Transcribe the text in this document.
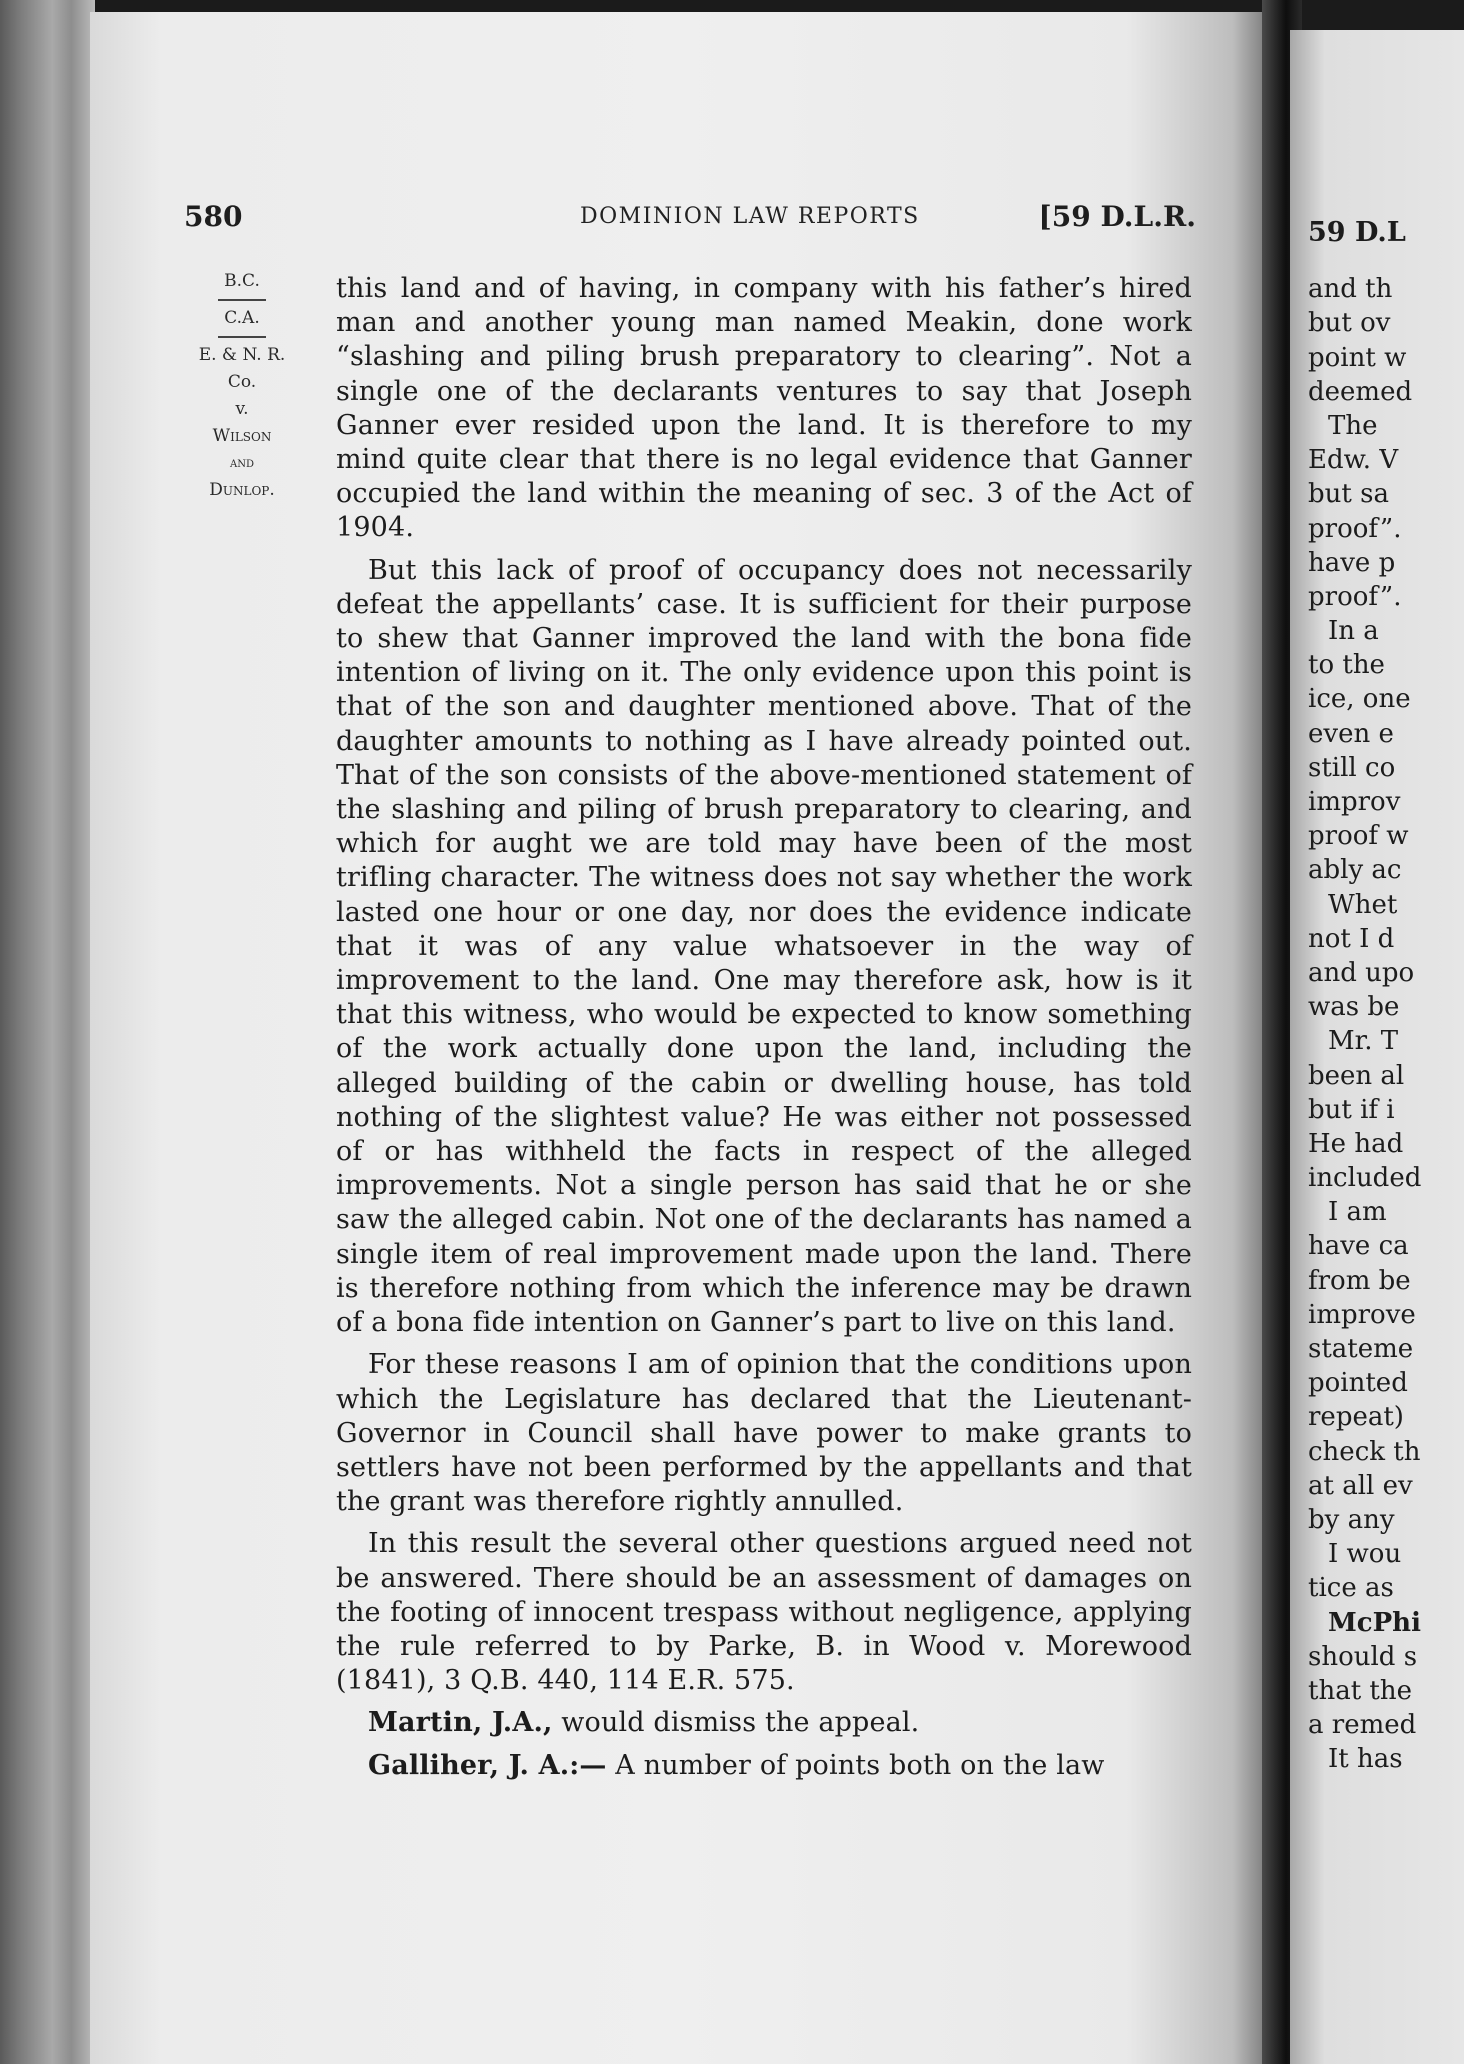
580	DOMINION LAW REPORTS	[59 D.L.R.
B.C.
C.A.
E. & N. R.
Co.
v.
Wilson
and
Dunlop.

this land and of having, in company with his father’s hired man and another young man named Meakin, done work “slashing and piling brush preparatory to clearing”. Not a single one of the declarants ventures to say that Joseph Ganner ever resided upon the land. It is therefore to my mind quite clear that there is no legal evidence that Ganner occupied the land within the meaning of sec. 3 of the Act of 1904.

But this lack of proof of occupancy does not necessarily defeat the appellants’ case. It is sufficient for their purpose to shew that Ganner improved the land with the bona fide intention of living on it. The only evidence upon this point is that of the son and daughter mentioned above. That of the daughter amounts to nothing as I have already pointed out. That of the son consists of the above-mentioned statement of the slashing and piling of brush preparatory to clearing, and which for aught we are told may have been of the most trifling character. The witness does not say whether the work lasted one hour or one day, nor does the evidence indicate that it was of any value whatsoever in the way of improvement to the land. One may therefore ask, how is it that this witness, who would be expected to know something of the work actually done upon the land, including the alleged building of the cabin or dwelling house, has told nothing of the slightest value? He was either not possessed of or has withheld the facts in respect of the alleged improvements. Not a single person has said that he or she saw the alleged cabin. Not one of the declarants has named a single item of real improvement made upon the land. There is therefore nothing from which the inference may be drawn of a bona fide intention on Ganner’s part to live on this land.

For these reasons I am of opinion that the conditions upon which the Legislature has declared that the Lieutenant-Governor in Council shall have power to make grants to settlers have not been performed by the appellants and that the grant was therefore rightly annulled.

In this result the several other questions argued need not be answered. There should be an assessment of damages on the footing of innocent trespass without negligence, applying the rule referred to by Parke, B. in Wood v. Morewood (1841), 3 Q.B. 440, 114 E.R. 575.

Martin, J.A., would dismiss the appeal.

Galliher, J. A.:— A number of points both on the law

59 D.L
and th
but ov
point w
deemed
The
Edw. V
but sa
proof”.
have p
proof”.
In a
to the
ice, one
even e
still co
improv
proof w
ably ac
Whet
not I d
and upo
was be
Mr. T
been al
but if i
He had
included
I am
have ca
from be
improve
stateme
pointed
repeat)
check th
at all ev
by any
I wou
tice as
McPhi
should s
that the
a remed
It has
